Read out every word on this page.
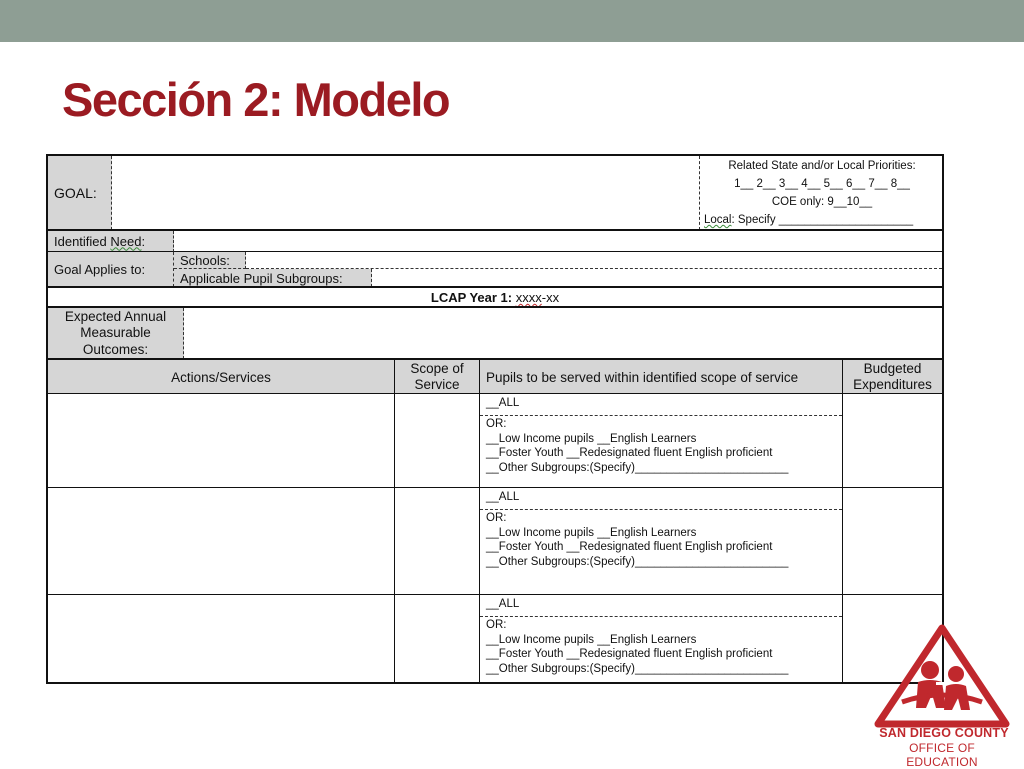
Sección 2: Modelo
GOAL:
Related State and/or Local Priorities:
1__ 2__ 3__ 4__ 5__ 6__ 7__ 8__
COE only: 9__10__
Local: Specify _____________________
Identified
Need :
Goal Applies to:
Schools:
Applicable Pupil Subgroups:
LCAP Year 1:
xxxx -xx
Expected Annual Measurable Outcomes:
Actions/Services
Scope of Service	Pupils to be served within identified scope of service
Budgeted Expenditures
__ALL
OR:
__Low Income pupils __English Learners
__Foster Youth __Redesignated fluent English proficient
__Other Subgroups:(Specify)________________________
__ALL
OR:
__Low Income pupils __English Learners
__Foster Youth __Redesignated fluent English proficient
__Other Subgroups:(Specify)________________________
__ALL
OR:
__Low Income pupils __English Learners
__Foster Youth __Redesignated fluent English proficient
__Other Subgroups:(Specify)________________________
SAN DIEGO COUNTY
OFFICE OF EDUCATION
